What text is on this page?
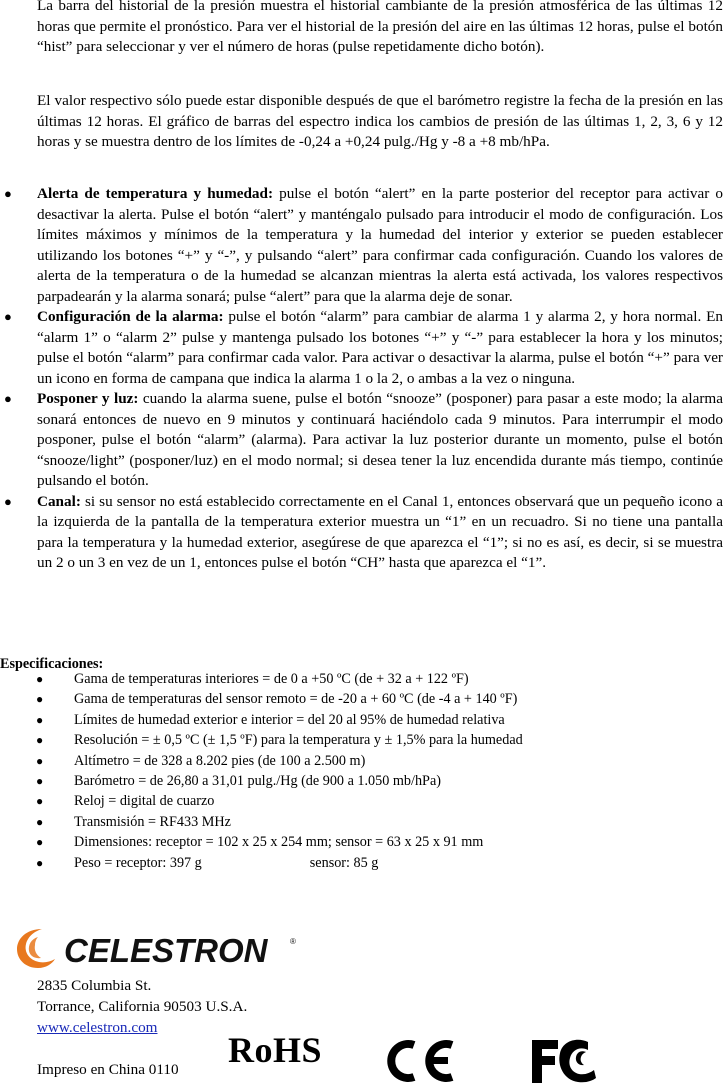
La barra del historial de la presión muestra el historial cambiante de la presión atmosférica de las últimas 12 horas que permite el pronóstico. Para ver el historial de la presión del aire en las últimas 12 horas, pulse el botón “hist” para seleccionar y ver el número de horas (pulse repetidamente dicho botón).

El valor respectivo sólo puede estar disponible después de que el barómetro registre la fecha de la presión en las últimas 12 horas. El gráfico de barras del espectro indica los cambios de presión de las últimas 1, 2, 3, 6 y 12 horas y se muestra dentro de los límites de -0,24 a +0,24 pulg./Hg y -8 a +8 mb/hPa.

● Alerta de temperatura y humedad: pulse el botón “alert” en la parte posterior del receptor para activar o desactivar la alerta. Pulse el botón “alert” y manténgalo pulsado para introducir el modo de configuración. Los límites máximos y mínimos de la temperatura y la humedad del interior y exterior se pueden establecer utilizando los botones “+” y “-”, y pulsando “alert” para confirmar cada configuración. Cuando los valores de alerta de la temperatura o de la humedad se alcanzan mientras la alerta está activada, los valores respectivos parpadearán y la alarma sonará; pulse “alert” para que la alarma deje de sonar.
● Configuración de la alarma: pulse el botón “alarm” para cambiar de alarma 1 y alarma 2, y hora normal. En “alarm 1” o “alarm 2” pulse y mantenga pulsado los botones “+” y “-” para establecer la hora y los minutos; pulse el botón “alarm” para confirmar cada valor. Para activar o desactivar la alarma, pulse el botón “+” para ver un icono en forma de campana que indica la alarma 1 o la 2, o ambas a la vez o ninguna.
● Posponer y luz: cuando la alarma suene, pulse el botón “snooze” (posponer) para pasar a este modo; la alarma sonará entonces de nuevo en 9 minutos y continuará haciéndolo cada 9 minutos. Para interrumpir el modo posponer, pulse el botón “alarm” (alarma). Para activar la luz posterior durante un momento, pulse el botón “snooze/light” (posponer/luz) en el modo normal; si desea tener la luz encendida durante más tiempo, continúe pulsando el botón.
● Canal: si su sensor no está establecido correctamente en el Canal 1, entonces observará que un pequeño icono a la izquierda de la pantalla de la temperatura exterior muestra un “1” en un recuadro. Si no tiene una pantalla para la temperatura y la humedad exterior, asegúrese de que aparezca el “1”; si no es así, es decir, si se muestra un 2 o un 3 en vez de un 1, entonces pulse el botón “CH” hasta que aparezca el “1”.
Especificaciones:
● Gama de temperaturas interiores = de 0 a +50 ºC (de + 32 a + 122 ºF)
● Gama de temperaturas del sensor remoto = de -20 a + 60 ºC (de -4 a + 140 ºF)
● Límites de humedad exterior e interior = del 20 al 95% de humedad relativa
● Resolución = ± 0,5 ºC (± 1,5 ºF) para la temperatura y ± 1,5% para la humedad
● Altímetro = de 328 a 8.202 pies (de 100 a 2.500 m)
● Barómetro = de 26,80 a 31,01 pulg./Hg (de 900 a 1.050 mb/hPa)
● Reloj = digital de cuarzo
● Transmisión = RF433 MHz
● Dimensiones: receptor = 102 x 25 x 254 mm; sensor = 63 x 25 x 91 mm
● Peso = receptor: 397 g	sensor: 85 g
CELESTRON	®
2835 Columbia St.
Torrance, California 90503 U.S.A.
www.celestron.com
Impreso en China 0110 RoHS
